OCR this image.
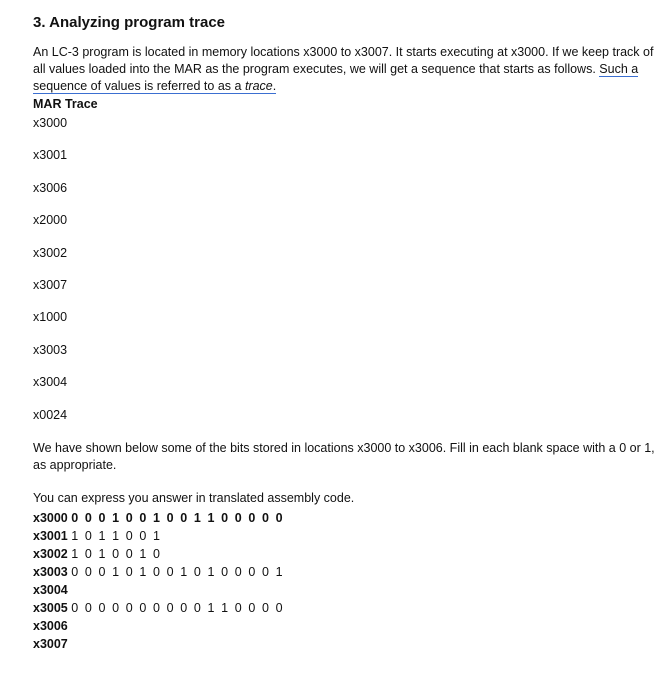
3. Analyzing program trace

An LC-3 program is located in memory locations x3000 to x3007. It starts executing at x3000. If we keep track of all values loaded into the MAR as the program executes, we will get a sequence that starts as follows. Such a sequence of values is referred to as a trace.

MAR Trace
x3000
x3001
x3006
x2000
x3002
x3007
x1000
x3003
x3004
x0024

We have shown below some of the bits stored in locations x3000 to x3006. Fill in each blank space with a 0 or 1, as appropriate.

You can express you answer in translated assembly code.

x3000 0 0 0 1 0 0 1 0 0 1 1 0 0 0 0 0
x3001 1 0 1 1 0 0 1
x3002 1 0 1 0 0 1 0
x3003 0 0 0 1 0 1 0 0 1 0 1 0 0 0 0 1
x3004
x3005 0 0 0 0 0 0 0 0 0 0 1 1 0 0 0 0
x3006
x3007
